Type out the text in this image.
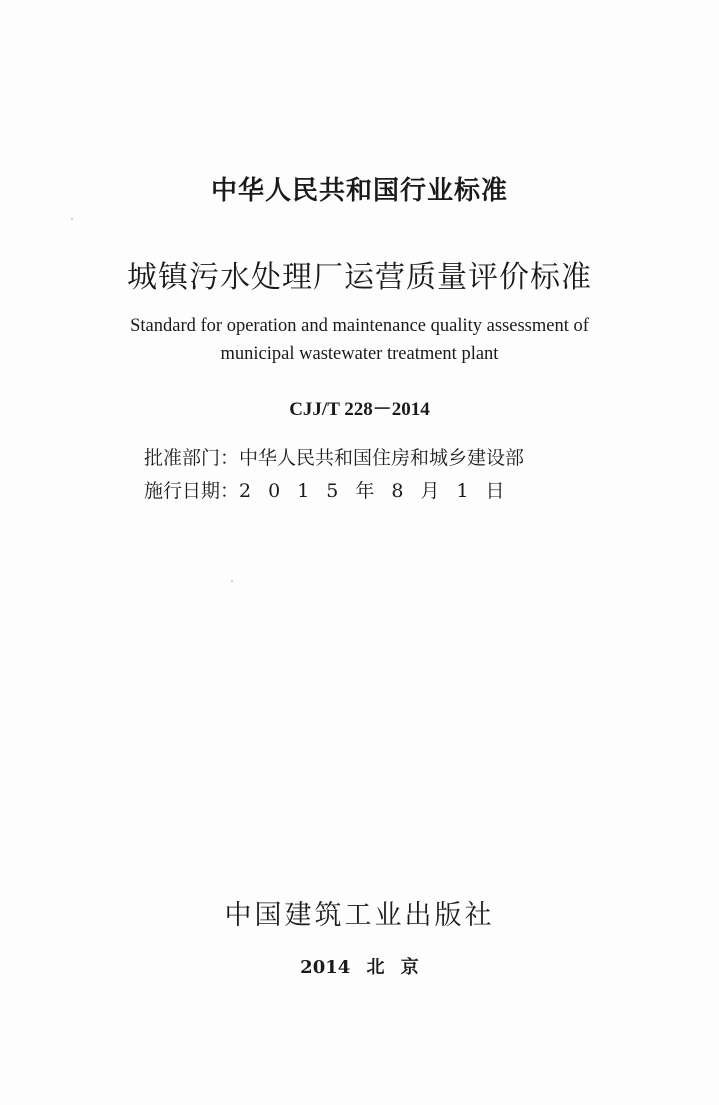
中华人民共和国行业标准
城镇污水处理厂运营质量评价标准
Standard for operation and maintenance quality assessment of
municipal wastewater treatment plant
CJJ/T 228－2014
批准部门：中华人民共和国住房和城乡建设部
施行日期：2015年8月1日
中国建筑工业出版社
2014 北 京
